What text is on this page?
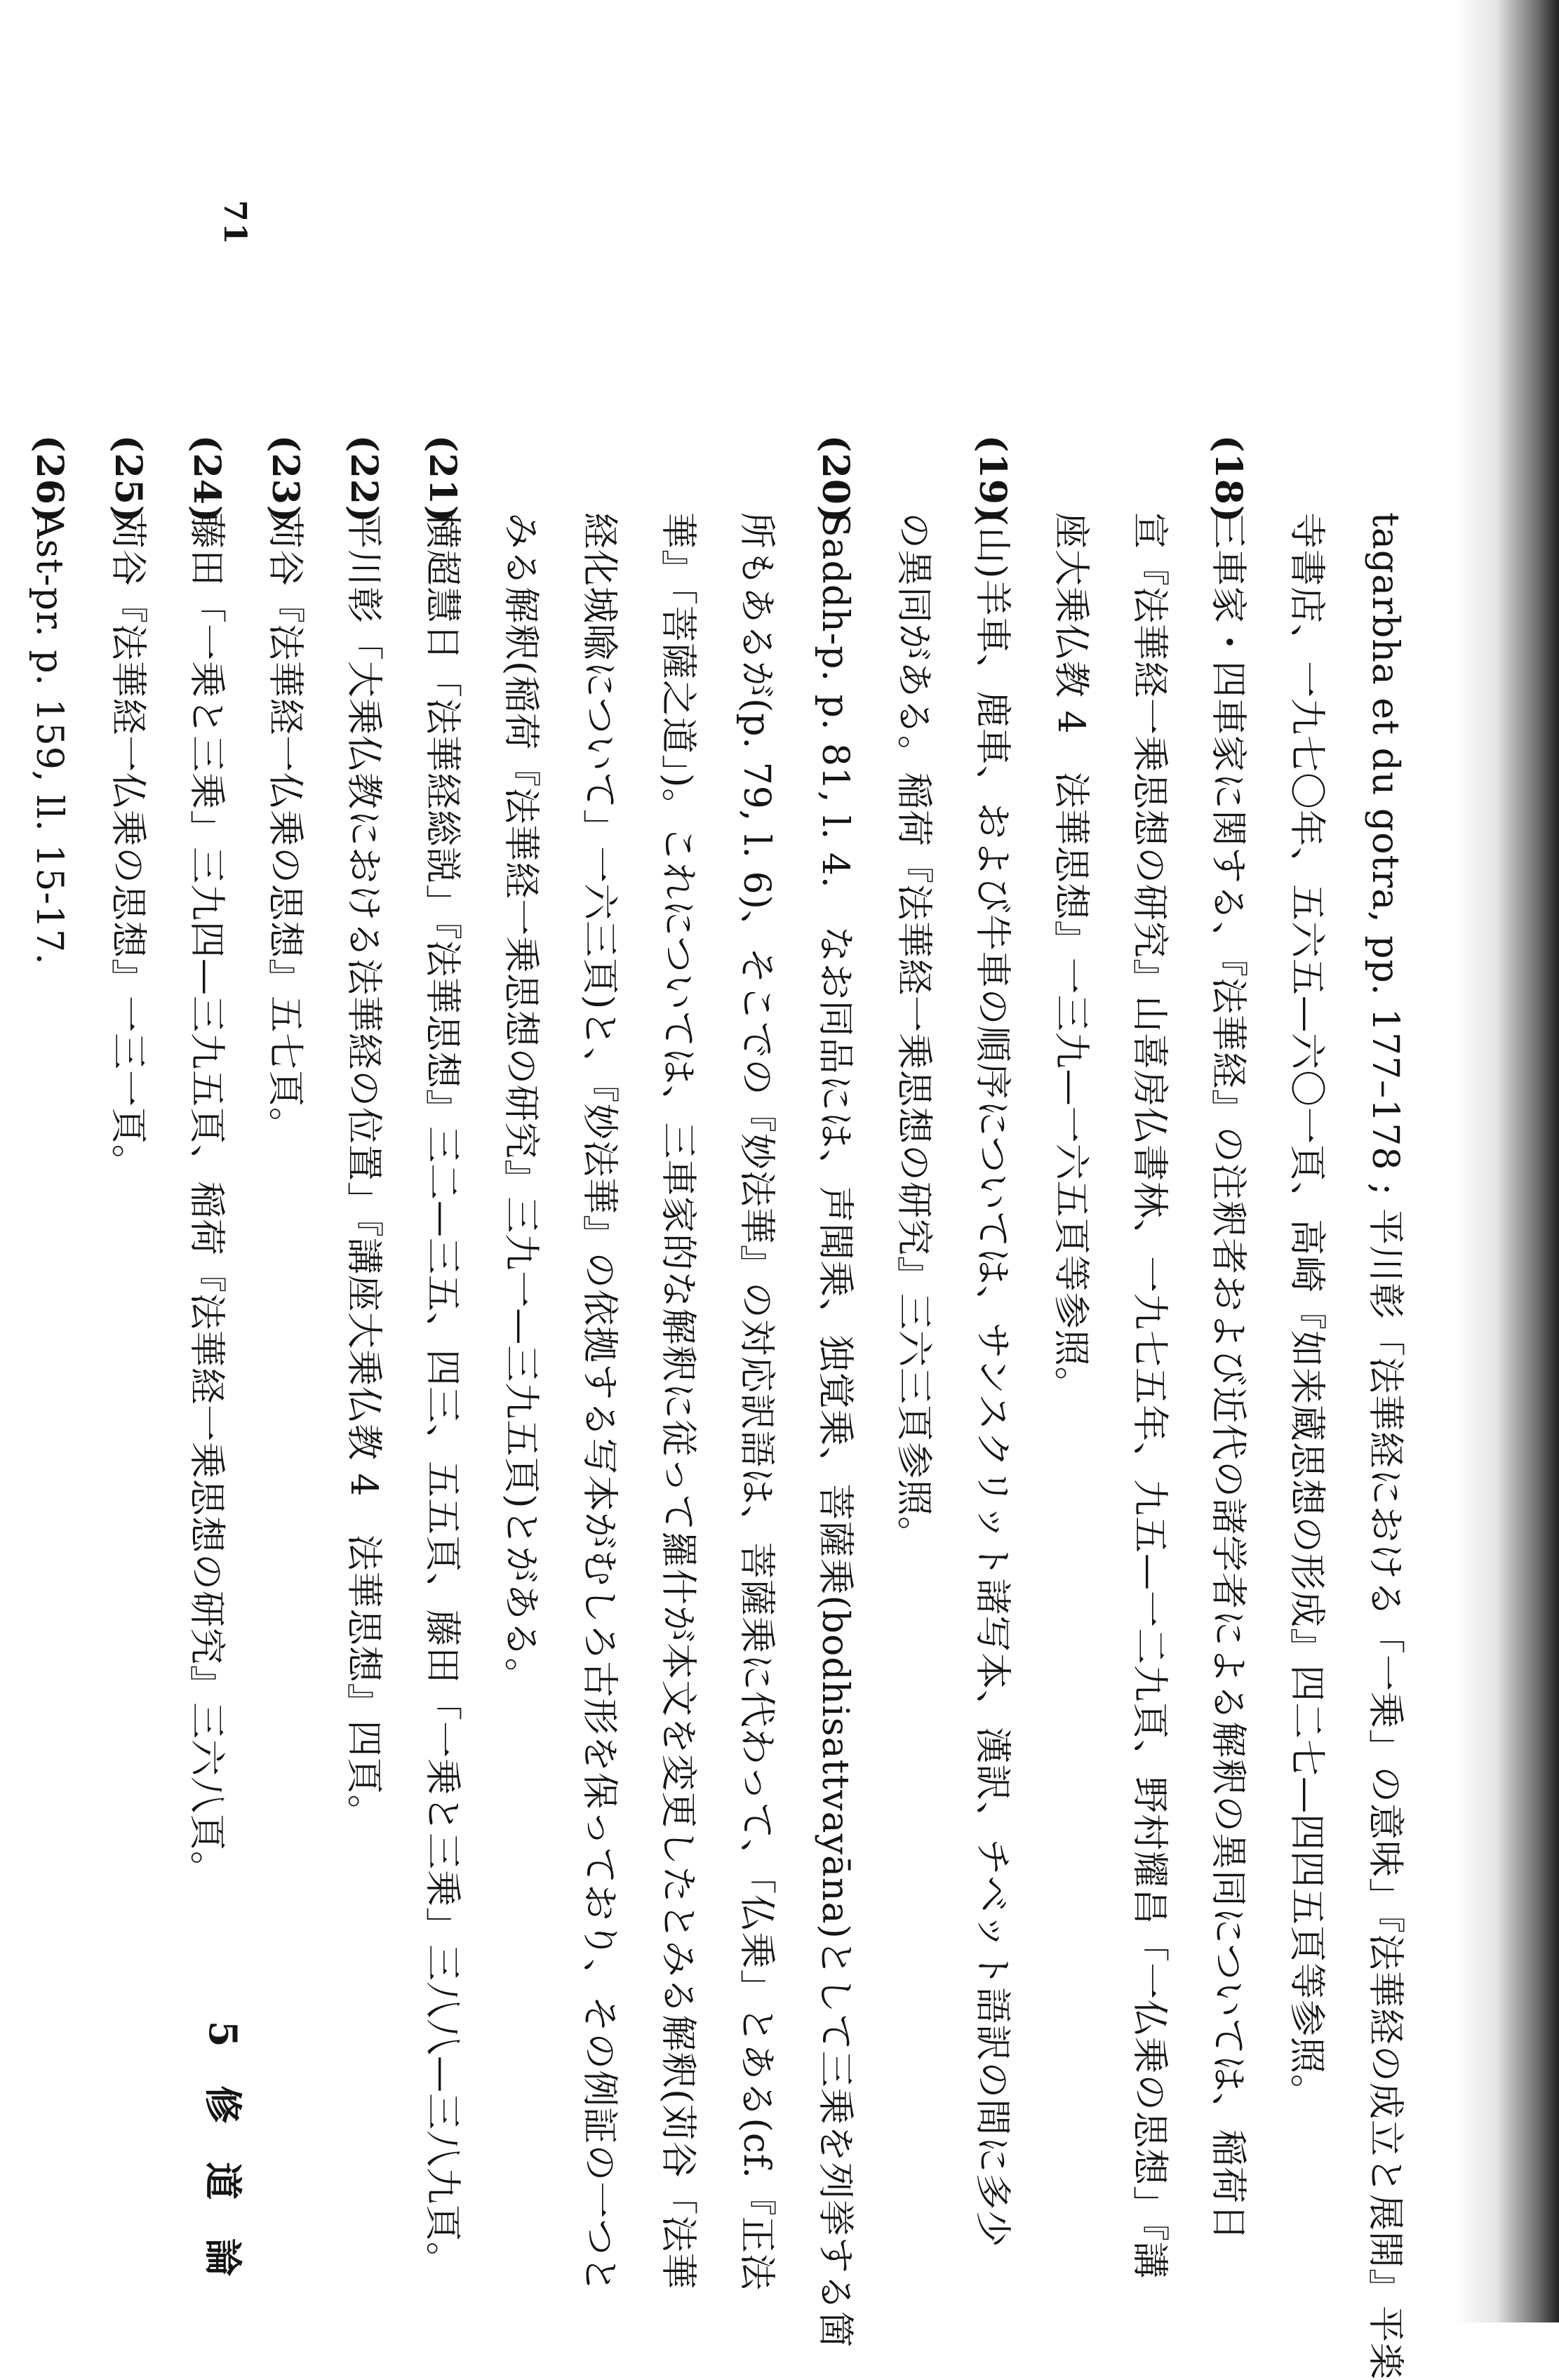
71
5 修 道 論	tagarbha et du gotra, pp. 177–178 ; 平川彰「法華経における「一乗」の意味」『法華経の成立と展開』平楽
寺書店、一九七〇年、五六五—六〇一頁、高崎『如来蔵思想の形成』四二七—四四五頁等参照。
(18)三車家・四車家に関する、『法華経』の注釈者および近代の諸学者による解釈の異同については、稲荷日
宣『法華経一乗思想の研究』山喜房仏書林、一九七五年、九五—一二九頁、野村耀昌「一仏乗の思想」『講
座大乗仏教 4　法華思想』一三九—一六五頁等参照。
(19)(山)羊車、鹿車、および牛車の順序については、サンスクリット諸写本、漢訳、チベット語訳の間に多少
の異同がある。稲荷『法華経一乗思想の研究』三六三頁参照。
(20)Saddh-p. p. 81, l. 4.　なお同品には、声聞乗、独覚乗、菩薩乗(bodhisattvayāna)として三乗を列挙する箇
所もあるが(p. 79, l. 6)、そこでの『妙法華』の対応訳語は、菩薩乗に代わって、「仏乗」とある(cf.『正法
華』「菩薩之道」)。これについては、三車家的な解釈に従って羅什が本文を変更したとみる解釈(苅谷「法華
経化城喩について」一六三頁)と、『妙法華』の依拠する写本がむしろ古形を保っており、その例証の一つと
みる解釈(稲荷『法華経一乗思想の研究』三九一—三九五頁)とがある。
(21)横超慧日「法華経総説」『法華思想』三二—三五、四三、五五頁、藤田「一乗と三乗」三八八—三八九頁。
(22)平川彰「大乗仏教における法華経の位置」『講座大乗仏教 4　法華思想』四頁。
(23)苅谷『法華経一仏乗の思想』五七頁。
(24)藤田「一乗と三乗」三九四—三九五頁、稲荷『法華経一乗思想の研究』三六八頁。
(25)苅谷『法華経一仏乗の思想』一三一頁。
(26)Ast-pr. p. 159, ll. 15-17.
